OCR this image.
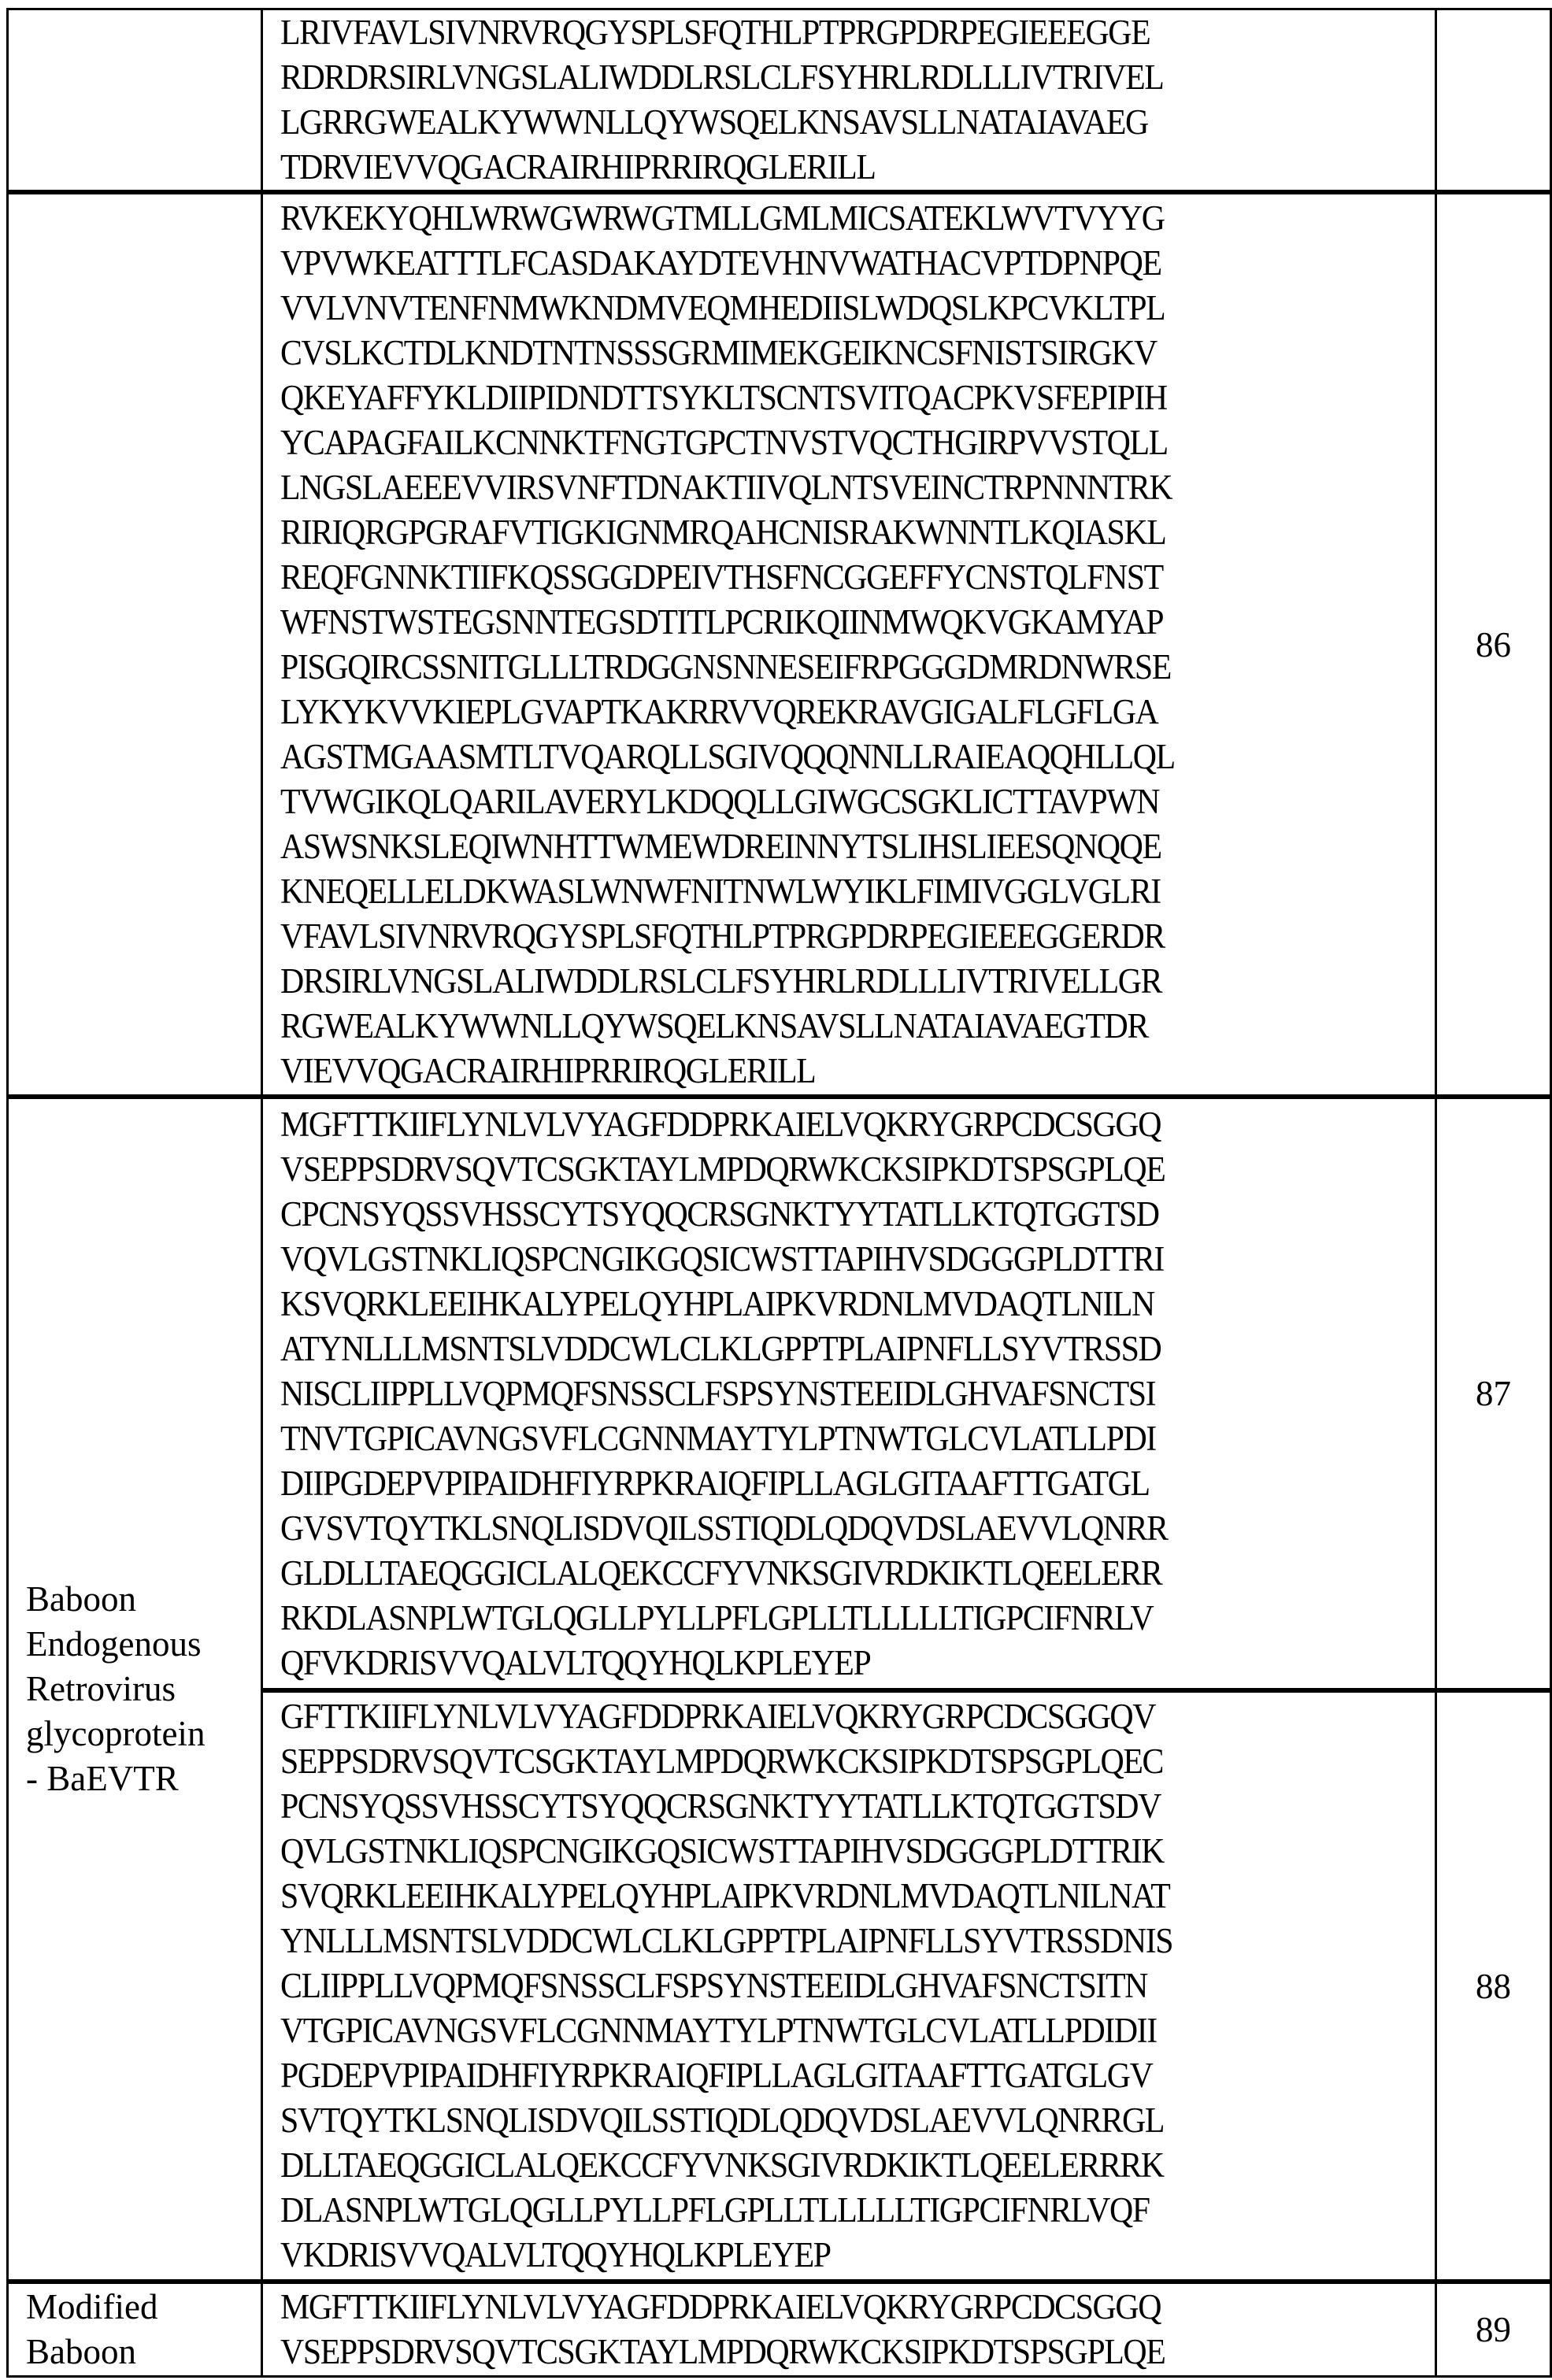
LRIVFAVLSIVNRVRQGYSPLSFQTHLPTPRGPDRPEGIEEEGGE
RDRDRSIRLVNGSLALIWDDLRSLCLFSYHRLRDLLLIVTRIVEL
LGRRGWEALKYWWNLLQYWSQELKNSAVSLLNATAIAVAEG
TDRVIEVVQGACRAIRHIPRRIRQGLERILL

RVKEKYQHLWRWGWRWGTMLLGMLMICSATEKLWVTVYYG
VPVWKEATTTLFCASDAKAYDTEVHNVWATHACVPTDPNPQE
VVLVNVTENFNMWKNDMVEQMHEDIISLWDQSLKPCVKLTPL
CVSLKCTDLKNDTNTNSSSGRMIMEKGEIKNCSFNISTSIRGKV
QKEYAFFYKLDIIPIDNDTTSYKLTSCNTSVITQACPKVSFEPIPIH
YCAPAGFAILKCNNKTFNGTGPCTNVSTVQCTHGIRPVVSTQLL
LNGSLAEEEVVIRSVNFTDNAKTIIVQLNTSVEINCTRPNNNTRK
RIRIQRGPGRAFVTIGKIGNMRQAHCNISRAKWNNTLKQIASKL
REQFGNNKTIIFKQSSGGDPEIVTHSFNCGGEFFYCNSTQLFNST
WFNSTWSTEGSNNTEGSDTITLPCRIKQIINMWQKVGKAMYAP
PISGQIRCSSNITGLLLTRDGGNSNNESEIFRPGGGDMRDNWRSE
LYKYKVVKIEPLGVAPTKAKRRVVQREKRAVGIGALFLGFLGA
AGSTMGAASMTLTVQARQLLSGIVQQQNNLLRAIEAQQHLLQL
TVWGIKQLQARILAVERYLKDQQLLGIWGCSGKLICTTAVPWN
ASWSNKSLEQIWNHTTWMEWDREINNYTSLIHSLIEESQNQQE
KNEQELLELDKWASLWNWFNITNWLWYIKLFIMIVGGLVGLRI
VFAVLSIVNRVRQGYSPLSFQTHLPTPRGPDRPEGIEEEGGERDR
DRSIRLVNGSLALIWDDLRSLCLFSYHRLRDLLLIVTRIVELLGR
RGWEALKYWWNLLQYWSQELKNSAVSLLNATAIAVAEGTDR
VIEVVQGACRAIRHIPRRIRQGLERILL
	86

Baboon
Endogenous
Retrovirus
glycoprotein
- BaEVTR

MGFTTKIIFLYNLVLVYAGFDDPRKAIELVQKRYGRPCDCSGGQ
VSEPPSDRVSQVTCSGKTAYLMPDQRWKCKSIPKDTSPSGPLQE
CPCNSYQSSVHSSCYTSYQQCRSGNKTYYTATLLKTQTGGTSD
VQVLGSTNKLIQSPCNGIKGQSICWSTTAPIHVSDGGGPLDTTRI
KSVQRKLEEIHKALYPELQYHPLAIPKVRDNLMVDAQTLNILN
ATYNLLLMSNTSLVDDCWLCLKLGPPTPLAIPNFLLSYVTRSSD
NISCLIIPPLLVQPMQFSNSSCLFSPSYNSTEEIDLGHVAFSNCTSI
TNVTGPICAVNGSVFLCGNNMAYTYLPTNWTGLCVLATLLPDI
DIIPGDEPVPIPAIDHFIYRPKRAIQFIPLLAGLGITAAFTTGATGL
GVSVTQYTKLSNQLISDVQILSSTIQDLQDQVDSLAEVVLQNRR
GLDLLTAEQGGICLALQEKCCFYVNKSGIVRDKIKTLQEELERR
RKDLASNPLWTGLQGLLPYLLPFLGPLLTLLLLLTIGPCIFNRLV
QFVKDRISVVQALVLTQQYHQLKPLEYEP
	87

GFTTKIIFLYNLVLVYAGFDDPRKAIELVQKRYGRPCDCSGGQV
SEPPSDRVSQVTCSGKTAYLMPDQRWKCKSIPKDTSPSGPLQEC
PCNSYQSSVHSSCYTSYQQCRSGNKTYYTATLLKTQTGGTSDV
QVLGSTNKLIQSPCNGIKGQSICWSTTAPIHVSDGGGPLDTTRIK
SVQRKLEEIHKALYPELQYHPLAIPKVRDNLMVDAQTLNILNAT
YNLLLMSNTSLVDDCWLCLKLGPPTPLAIPNFLLSYVTRSSDNIS
CLIIPPLLVQPMQFSNSSCLFSPSYNSTEEIDLGHVAFSNCTSITN
VTGPICAVNGSVFLCGNNMAYTYLPTNWTGLCVLATLLPDIDII
PGDEPVPIPAIDHFIYRPKRAIQFIPLLAGLGITAAFTTGATGLGV
SVTQYTKLSNQLISDVQILSSTIQDLQDQVDSLAEVVLQNRRGL
DLLTAEQGGICLALQEKCCFYVNKSGIVRDKIKTLQEELERRRK
DLASNPLWTGLQGLLPYLLPFLGPLLTLLLLLTIGPCIFNRLVQF
VKDRISVVQALVLTQQYHQLKPLEYEP
	88

Modified
Baboon

MGFTTKIIFLYNLVLVYAGFDDPRKAIELVQKRYGRPCDCSGGQ
VSEPPSDRVSQVTCSGKTAYLMPDQRWKCKSIPKDTSPSGPLQE
	89
